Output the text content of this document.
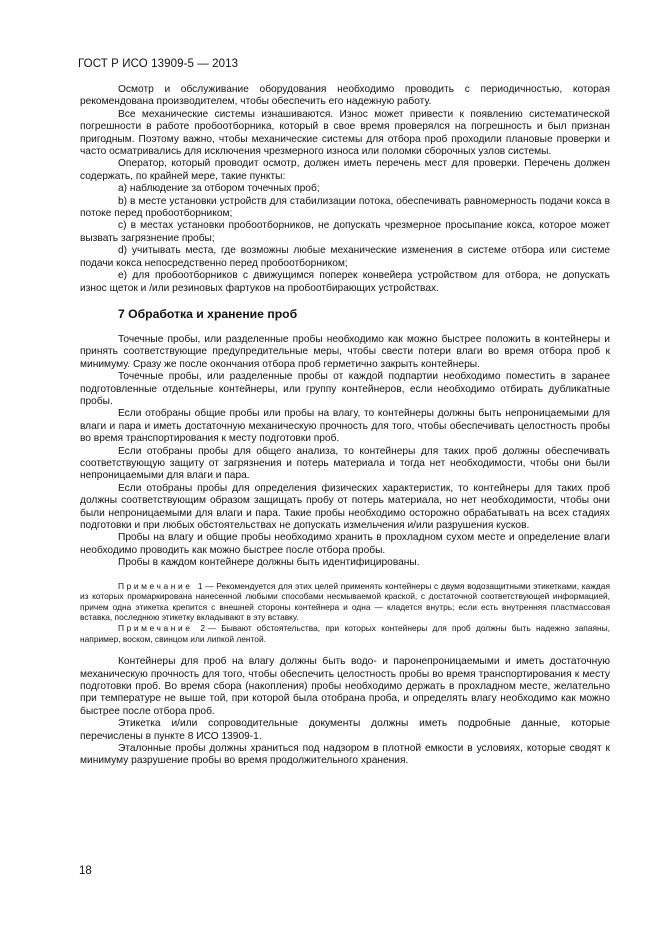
ГОСТ Р ИСО 13909-5 — 2013

Осмотр и обслуживание оборудования необходимо проводить с периодичностью, которая рекомендована производителем, чтобы обеспечить его надежную работу.

Все механические системы изнашиваются. Износ может привести к появлению систематической погрешности в работе пробоотборника, который в свое время проверялся на погрешность и был признан пригодным. Поэтому важно, чтобы механические системы для отбора проб проходили плановые проверки и часто осматривались для исключения чрезмерного износа или поломки сборочных узлов системы.

Оператор, который проводит осмотр, должен иметь перечень мест для проверки. Перечень должен содержать, по крайней мере, такие пункты:

а) наблюдение за отбором точечных проб;

b) в месте установки устройств для стабилизации потока, обеспечивать равномерность подачи кокса в потоке перед пробоотборником;

с) в местах установки пробоотборников, не допускать чрезмерное просыпание кокса, которое может вызвать загрязнение пробы;

d) учитывать места, где возможны любые механические изменения в системе отбора или системе подачи кокса непосредственно перед пробоотборником;

е) для пробоотборников с движущимся поперек конвейера устройством для отбора, не допускать износ щеток и /или резиновых фартуков на пробоотбирающих устройствах.

7 Обработка и хранение проб

Точечные пробы, или разделенные пробы необходимо как можно быстрее положить в контейнеры и принять соответствующие предупредительные меры, чтобы свести потери влаги во время отбора проб к минимуму. Сразу же после окончания отбора проб герметично закрыть контейнеры.

Точечные пробы, или разделенные пробы от каждой подпартии необходимо поместить в заранее подготовленные отдельные контейнеры, или группу контейнеров, если необходимо отбирать дубликатные пробы.

Если отобраны общие пробы или пробы на влагу, то контейнеры должны быть непроницаемыми для влаги и пара и иметь достаточную механическую прочность для того, чтобы обеспечивать целостность пробы во время транспортирования к месту подготовки проб.

Если отобраны пробы для общего анализа, то контейнеры для таких проб должны обеспечивать соответствующую защиту от загрязнения и потерь материала и тогда нет необходимости, чтобы они были непроницаемыми для влаги и пара.

Если отобраны пробы для определения физических характеристик, то контейнеры для таких проб должны соответствующим образом защищать пробу от потерь материала, но нет необходимости, чтобы они были непроницаемыми для влаги и пара. Такие пробы необходимо осторожно обрабатывать на всех стадиях подготовки и при любых обстоятельствах не допускать измельчения и/или разрушения кусков.

Пробы на влагу и общие пробы необходимо хранить в прохладном сухом месте и определение влаги необходимо проводить как можно быстрее после отбора пробы.

Пробы в каждом контейнере должны быть идентифицированы.

Примечание 1— Рекомендуется для этих целей применять контейнеры с двумя водозащитными этикетками, каждая из которых промаркирована нанесенной любыми способами несмываемой краской, с достаточной соответствующей информацией, причем одна этикетка крепится с внешней стороны контейнера и одна — кладется внутрь; если есть внутренняя пластмассовая вставка, последнюю этикетку вкладывают в эту вставку.

Примечание 2— Бывают обстоятельства, при которых контейнеры для проб должны быть надежно запаяны, например, воском, свинцом или липкой лентой.

Контейнеры для проб на влагу должны быть водо- и паронепроницаемыми и иметь достаточную механическую прочность для того, чтобы обеспечить целостность пробы во время транспортирования к месту подготовки проб. Во время сбора (накопления) пробы необходимо держать в прохладном месте, желательно при температуре не выше той, при которой была отобрана проба, и определять влагу необходимо как можно быстрее после отбора проб.

Этикетка и/или сопроводительные документы должны иметь подробные данные, которые перечислены в пункте 8 ИСО 13909-1.

Эталонные пробы должны храниться под надзором в плотной емкости в условиях, которые сводят к минимуму разрушение пробы во время продолжительного хранения.

18
